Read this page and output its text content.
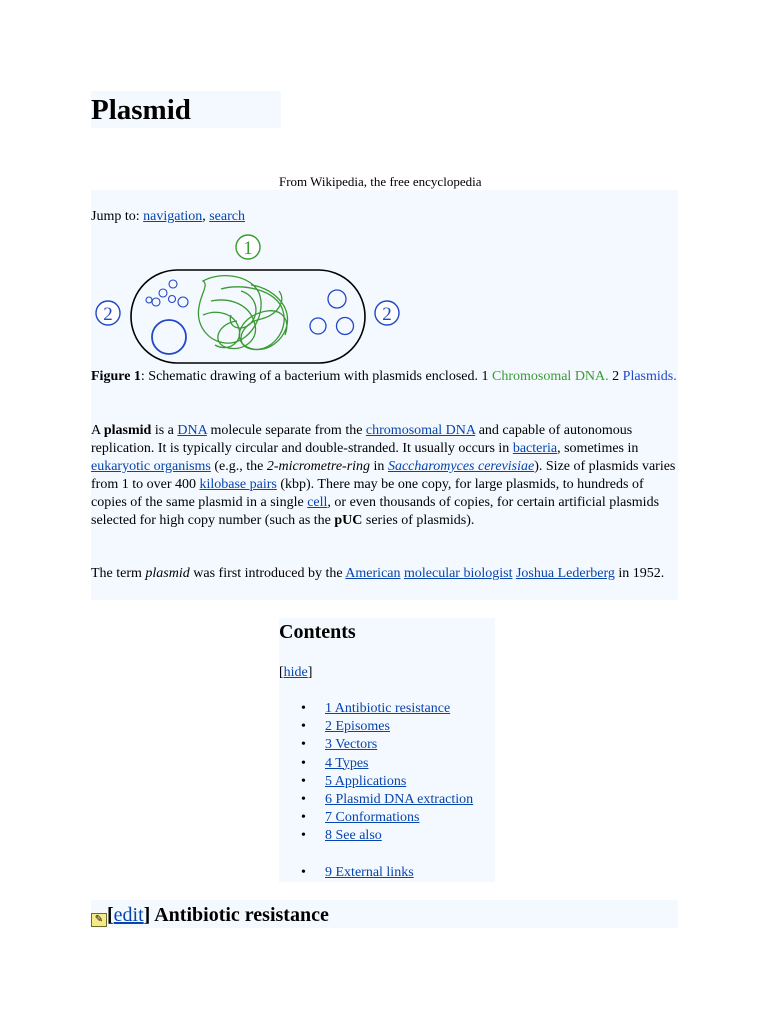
Plasmid
From Wikipedia, the free encyclopedia
Jump to: navigation, search
1
2	2
Figure 1: Schematic drawing of a bacterium with plasmids enclosed. 1 Chromosomal DNA. 2 Plasmids.
A plasmid is a DNA molecule separate from the chromosomal DNA and capable of autonomous replication. It is typically circular and double-stranded. It usually occurs in bacteria, sometimes in eukaryotic organisms (e.g., the 2-micrometre-ring in Saccharomyces cerevisiae). Size of plasmids varies from 1 to over 400 kilobase pairs (kbp). There may be one copy, for large plasmids, to hundreds of copies of the same plasmid in a single cell, or even thousands of copies, for certain artificial plasmids selected for high copy number (such as the pUC series of plasmids).
The term plasmid was first introduced by the American molecular biologist Joshua Lederberg in 1952.
Contents
[hide]
• 1 Antibiotic resistance
• 2 Episomes
• 3 Vectors
• 4 Types
• 5 Applications
• 6 Plasmid DNA extraction
• 7 Conformations
• 8 See also
• 9 External links
✎ [edit] Antibiotic resistance
